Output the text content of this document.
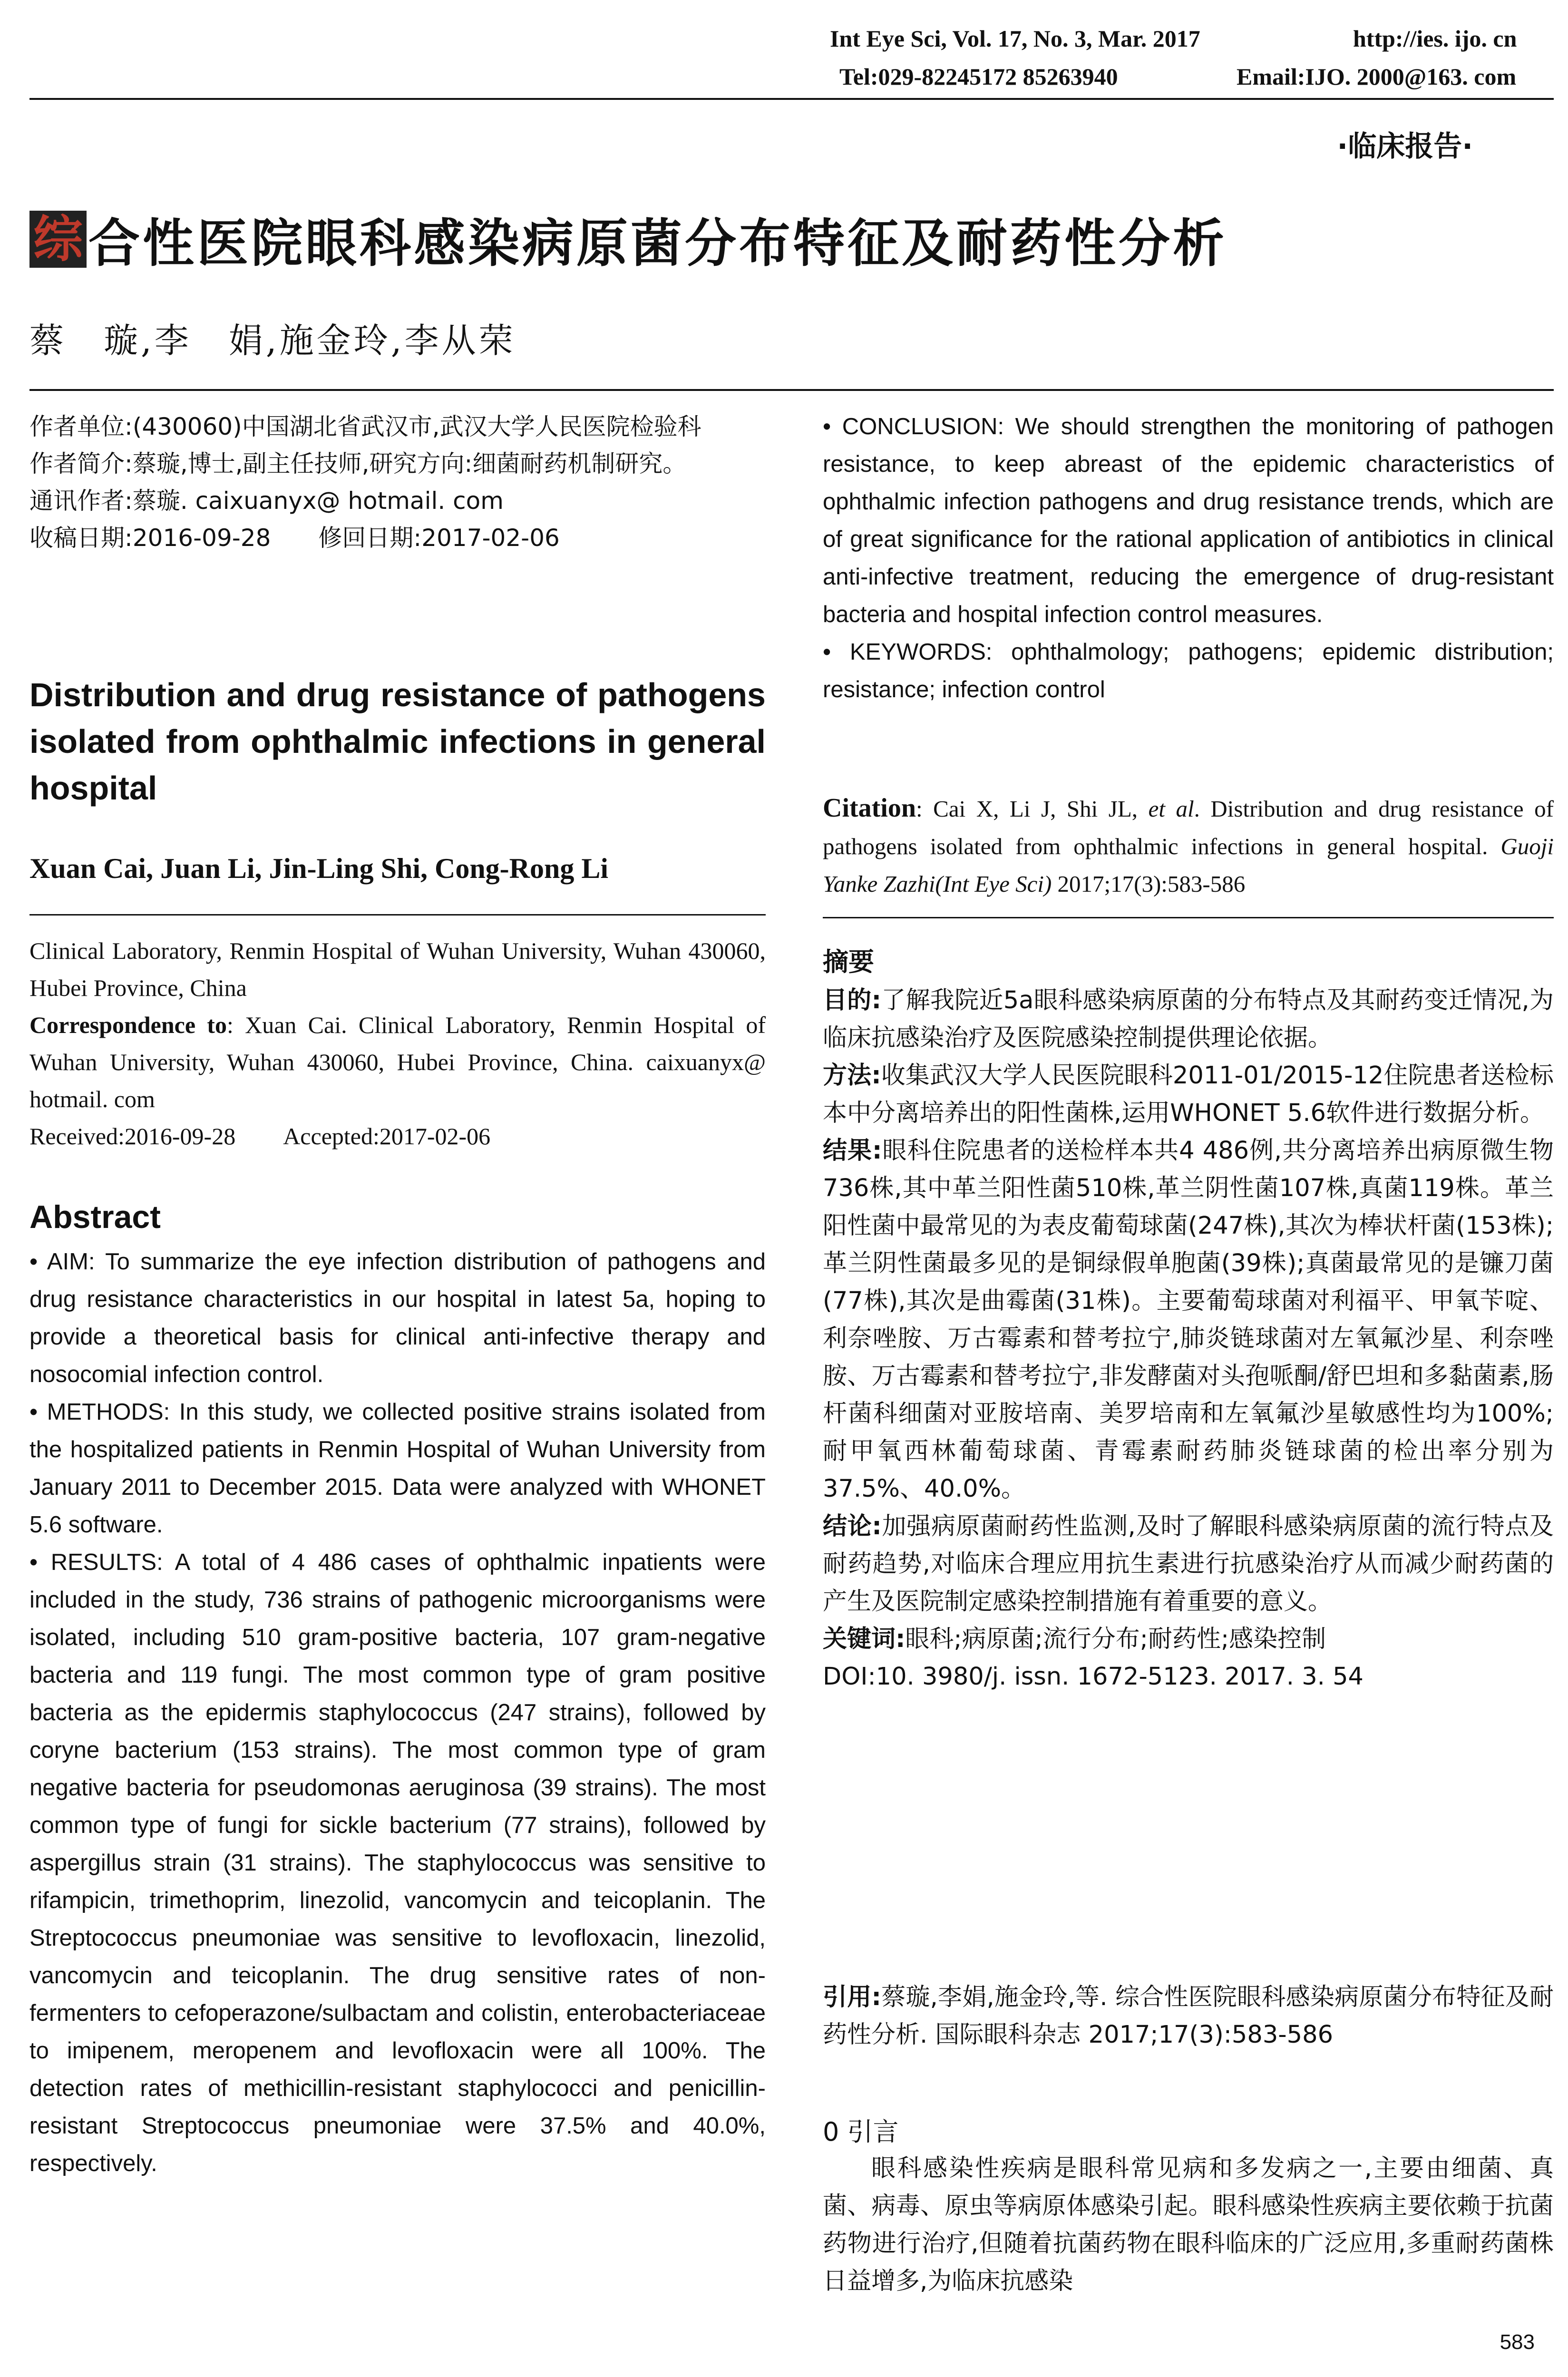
Int Eye Sci, Vol. 17, No. 3, Mar. 2017	http://ies. ijo. cn
Tel:029-82245172 85263940	Email:IJO. 2000@163. com
·临床报告·
综 合性医院眼科感染病原菌分布特征及耐药性分析
蔡　璇,李　娟,施金玲,李从荣

作者单位:(430060)中国湖北省武汉市,武汉大学人民医院检验科

作者简介:蔡璇,博士,副主任技师,研究方向:细菌耐药机制研究。

通讯作者:蔡璇. caixuanyx@ hotmail. com

收稿日期:2016-09-28　　修回日期:2017-02-06

Distribution and drug resistance of pathogens isolated from ophthalmic infections in general hospital
Xuan Cai, Juan Li, Jin-Ling Shi, Cong-Rong Li

Clinical Laboratory, Renmin Hospital of Wuhan University, Wuhan 430060, Hubei Province, China

Correspondence to: Xuan Cai. Clinical Laboratory, Renmin Hospital of Wuhan University, Wuhan 430060, Hubei Province, China. caixuanyx@ hotmail. com

Received:2016-09-28　　Accepted:2017-02-06

Abstract

• AIM: To summarize the eye infection distribution of pathogens and drug resistance characteristics in our hospital in latest 5a, hoping to provide a theoretical basis for clinical anti-infective therapy and nosocomial infection control.

• METHODS: In this study, we collected positive strains isolated from the hospitalized patients in Renmin Hospital of Wuhan University from January 2011 to December 2015. Data were analyzed with WHONET 5.6 software.

• RESULTS: A total of 4 486 cases of ophthalmic inpatients were included in the study, 736 strains of pathogenic microorganisms were isolated, including 510 gram-positive bacteria, 107 gram-negative bacteria and 119 fungi. The most common type of gram positive bacteria as the epidermis staphylococcus (247 strains), followed by coryne bacterium (153 strains). The most common type of gram negative bacteria for pseudomonas aeruginosa (39 strains). The most common type of fungi for sickle bacterium (77 strains), followed by aspergillus strain (31 strains). The staphylococcus was sensitive to rifampicin, trimethoprim, linezolid, vancomycin and teicoplanin. The Streptococcus pneumoniae was sensitive to levofloxacin, linezolid, vancomycin and teicoplanin. The drug sensitive rates of non-fermenters to cefoperazone/sulbactam and colistin, enterobacteriaceae to imipenem, meropenem and levofloxacin were all 100%. The detection rates of methicillin-resistant staphylococci and penicillin-resistant Streptococcus pneumoniae were 37.5% and 40.0%, respectively.

• CONCLUSION: We should strengthen the monitoring of pathogen resistance, to keep abreast of the epidemic characteristics of ophthalmic infection pathogens and drug resistance trends, which are of great significance for the rational application of antibiotics in clinical anti-infective treatment, reducing the emergence of drug-resistant bacteria and hospital infection control measures.

• KEYWORDS: ophthalmology; pathogens; epidemic distribution; resistance; infection control

Citation: Cai X, Li J, Shi JL, et al. Distribution and drug resistance of pathogens isolated from ophthalmic infections in general hospital. Guoji Yanke Zazhi(Int Eye Sci) 2017;17(3):583-586
摘要

目的:了解我院近5a眼科感染病原菌的分布特点及其耐药变迁情况,为临床抗感染治疗及医院感染控制提供理论依据。

方法:收集武汉大学人民医院眼科2011-01/2015-12住院患者送检标本中分离培养出的阳性菌株,运用WHONET 5.6软件进行数据分析。

结果:眼科住院患者的送检样本共4 486例,共分离培养出病原微生物736株,其中革兰阳性菌510株,革兰阴性菌107株,真菌119株。革兰阳性菌中最常见的为表皮葡萄球菌(247株),其次为棒状杆菌(153株);革兰阴性菌最多见的是铜绿假单胞菌(39株);真菌最常见的是镰刀菌(77株),其次是曲霉菌(31株)。主要葡萄球菌对利福平、甲氧苄啶、利奈唑胺、万古霉素和替考拉宁,肺炎链球菌对左氧氟沙星、利奈唑胺、万古霉素和替考拉宁,非发酵菌对头孢哌酮/舒巴坦和多黏菌素,肠杆菌科细菌对亚胺培南、美罗培南和左氧氟沙星敏感性均为100%;耐甲氧西林葡萄球菌、青霉素耐药肺炎链球菌的检出率分别为37.5%、40.0%。

结论:加强病原菌耐药性监测,及时了解眼科感染病原菌的流行特点及耐药趋势,对临床合理应用抗生素进行抗感染治疗从而减少耐药菌的产生及医院制定感染控制措施有着重要的意义。

关键词:眼科;病原菌;流行分布;耐药性;感染控制

DOI:10. 3980/j. issn. 1672-5123. 2017. 3. 54

引用:蔡璇,李娟,施金玲,等. 综合性医院眼科感染病原菌分布特征及耐药性分析. 国际眼科杂志 2017;17(3):583-586
0 引言
眼科感染性疾病是眼科常见病和多发病之一,主要由细菌、真菌、病毒、原虫等病原体感染引起。眼科感染性疾病主要依赖于抗菌药物进行治疗,但随着抗菌药物在眼科临床的广泛应用,多重耐药菌株日益增多,为临床抗感染
583
